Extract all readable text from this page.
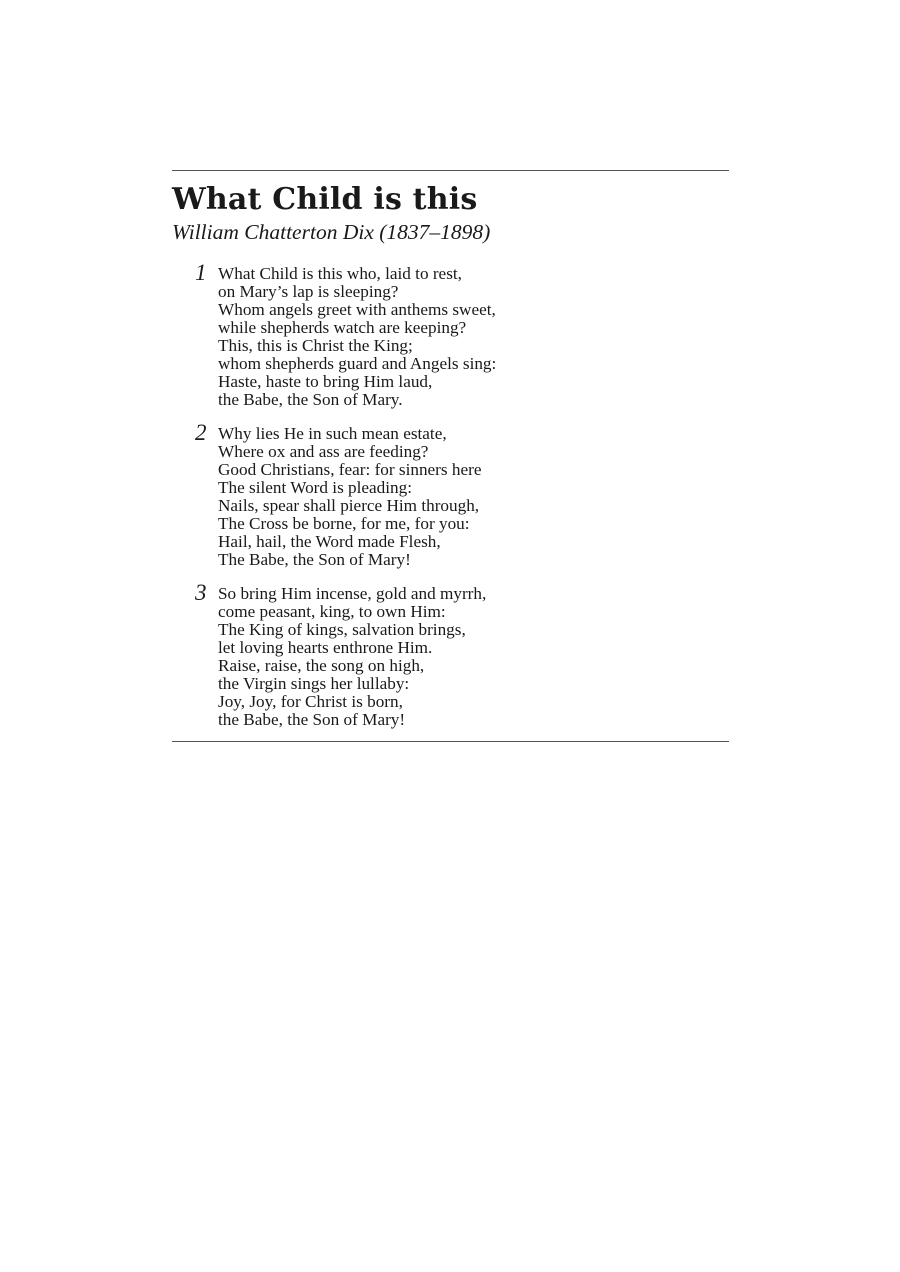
What Child is this
William Chatterton Dix (1837–1898)
1 What Child is this who, laid to rest,
on Mary’s lap is sleeping?
Whom angels greet with anthems sweet,
while shepherds watch are keeping?
This, this is Christ the King;
whom shepherds guard and Angels sing:
Haste, haste to bring Him laud,
the Babe, the Son of Mary.
2 Why lies He in such mean estate,
Where ox and ass are feeding?
Good Christians, fear: for sinners here
The silent Word is pleading:
Nails, spear shall pierce Him through,
The Cross be borne, for me, for you:
Hail, hail, the Word made Flesh,
The Babe, the Son of Mary!
3 So bring Him incense, gold and myrrh,
come peasant, king, to own Him:
The King of kings, salvation brings,
let loving hearts enthrone Him.
Raise, raise, the song on high,
the Virgin sings her lullaby:
Joy, Joy, for Christ is born,
the Babe, the Son of Mary!
